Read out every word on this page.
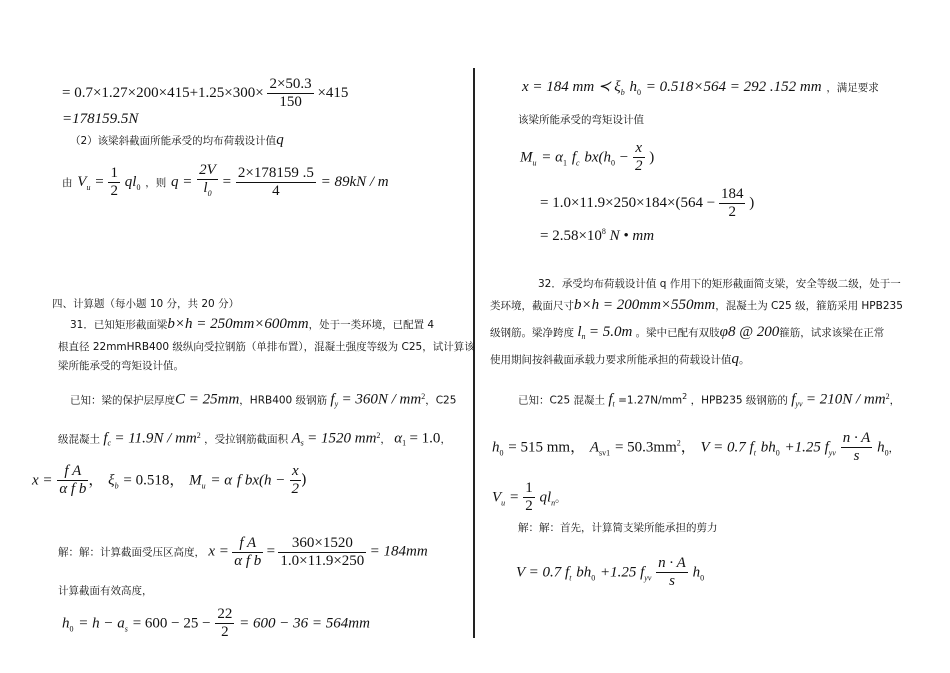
= $0.7\times 1.27\times 200\times 415+1.25\times 300\times \frac{2\times 50.3}{150} \times 415$
=178159.5N
（2）该梁斜截面所能承受的均布荷载设计值q
由 $V_u = \frac{1}{2} ql_0$ ，则 $q = \frac{2V}{l_0} = \frac{2\times 178159 .5}{4} = 89kN / m$
四、计算题（每小题 10 分，共 20 分）
31．已知矩形截面梁b×h = 250mm×600mm，处于一类环境，已配置 4
根直径 22mmHRB400 级纵向受拉钢筋（单排布置），混凝土强度等级为 C25，试计算该
梁所能承受的弯矩设计值。
已知：梁的保护层厚度C = 25mm，HRB400 级钢筋 $f_y = 360N / mm^2$，C25
级混凝土 $f_c = 11.9N / mm^2$ ，受拉钢筋截面积 $A_s = 1520$ $mm^2$， $\alpha_1 = 1.0$，
$x = \frac{\text{f A}}{\text{α f b}}$ ， $\xi_b = 0.518$， $M_u = \alpha$ f $bx(h - \frac{x}{2}$ )
解：解：计算截面受压区高度， $x = \frac{\text{f A}}{\text{α f b}} = \frac{360\times 1520}{1.0\times 11.9\times 250} = 184mm$
计算截面有效高度，
$h_0 = h - a_s = 600 - 25 - \frac{22}{2} = 600 - 36 = 564mm$
x = 184 mm ≺ $\xi_b$ $h_0 = 0.518\times 564 = 292$ .152 mm ，满足要求
该梁所能承受的弯矩设计值
$M_u = \alpha_1$ $f_c$ $bx(h_0 - \frac{x}{2}$ )
= $1.0\times 11.9\times 250\times 184\times(564 - \frac{184}{2}$ )
= $2.58\times 10^8$ N • mm
32．承受均布荷载设计值 q 作用下的矩形截面简支梁，安全等级二级，处于一
类环境，截面尺寸b×h = 200mm×550mm，混凝土为 C25 级，箍筋采用 HPB235
级钢筋。梁净跨度 $l_n = 5.0m$ 。梁中已配有双肢φ8 @ 200箍筋，试求该梁在正常
使用期间按斜截面承载力要求所能承担的荷载设计值q。
已知：C25 混凝土 $f_t =1.27N/mm^2$ ，HPB235 级钢筋的 $f_{yv} = 210N / mm^2$，
$h_0 = 515$ mm， $A_{sv1} = 50.3mm^2$， V = 0.7 $f_t$ $bh_0 +1.25$ $f_{yv} \frac{n \cdot A}{s} h_0$，
$V_u = \frac{1}{2} ql_n$。
解：解：首先，计算简支梁所能承担的剪力
V = 0.7 $f_t$ $bh_0 +1.25$ $f_{yv} \frac{n \cdot A}{s} h_0$
